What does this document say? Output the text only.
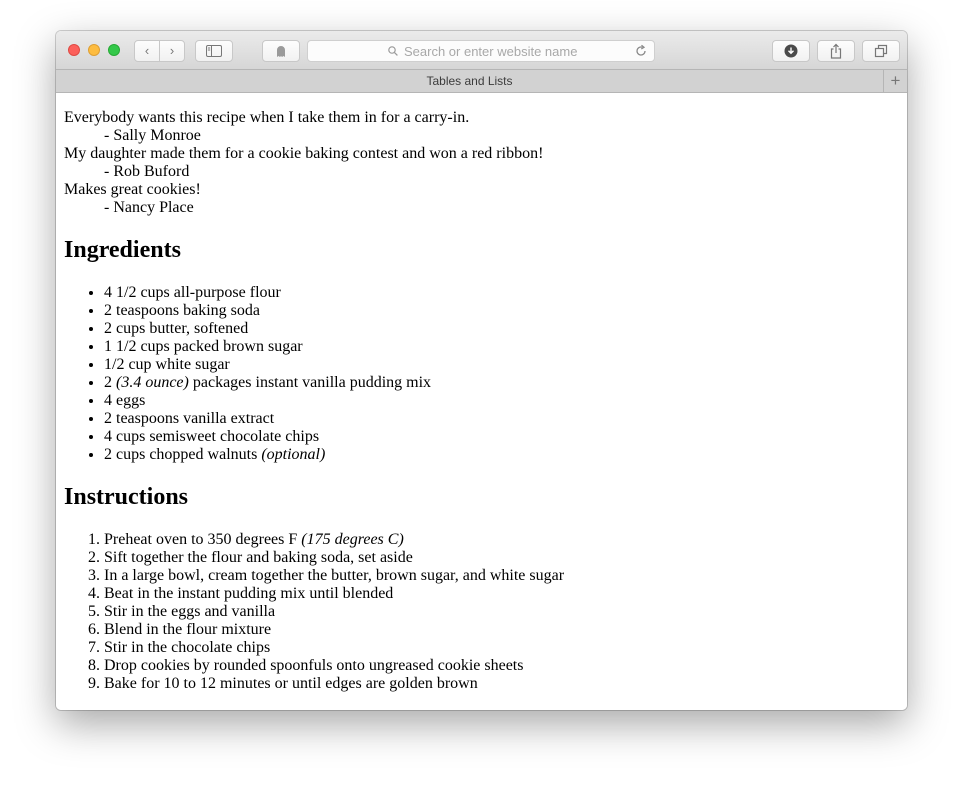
‹	›	Search or enter website name
Tables and Lists	+

Everybody wants this recipe when I take them in for a carry-in.

- Sally Monroe

My daughter made them for a cookie baking contest and won a red ribbon!

- Rob Buford

Makes great cookies!

- Nancy Place

Ingredients
• 4 1/2 cups all-purpose flour
• 2 teaspoons baking soda
• 2 cups butter, softened
• 1 1/2 cups packed brown sugar
• 1/2 cup white sugar
• 2 (3.4 ounce) packages instant vanilla pudding mix
• 4 eggs
• 2 teaspoons vanilla extract
• 4 cups semisweet chocolate chips
• 2 cups chopped walnuts (optional)
Instructions
1. Preheat oven to 350 degrees F (175 degrees C)
2. Sift together the flour and baking soda, set aside
3. In a large bowl, cream together the butter, brown sugar, and white sugar
4. Beat in the instant pudding mix until blended
5. Stir in the eggs and vanilla
6. Blend in the flour mixture
7. Stir in the chocolate chips
8. Drop cookies by rounded spoonfuls onto ungreased cookie sheets
9. Bake for 10 to 12 minutes or until edges are golden brown
